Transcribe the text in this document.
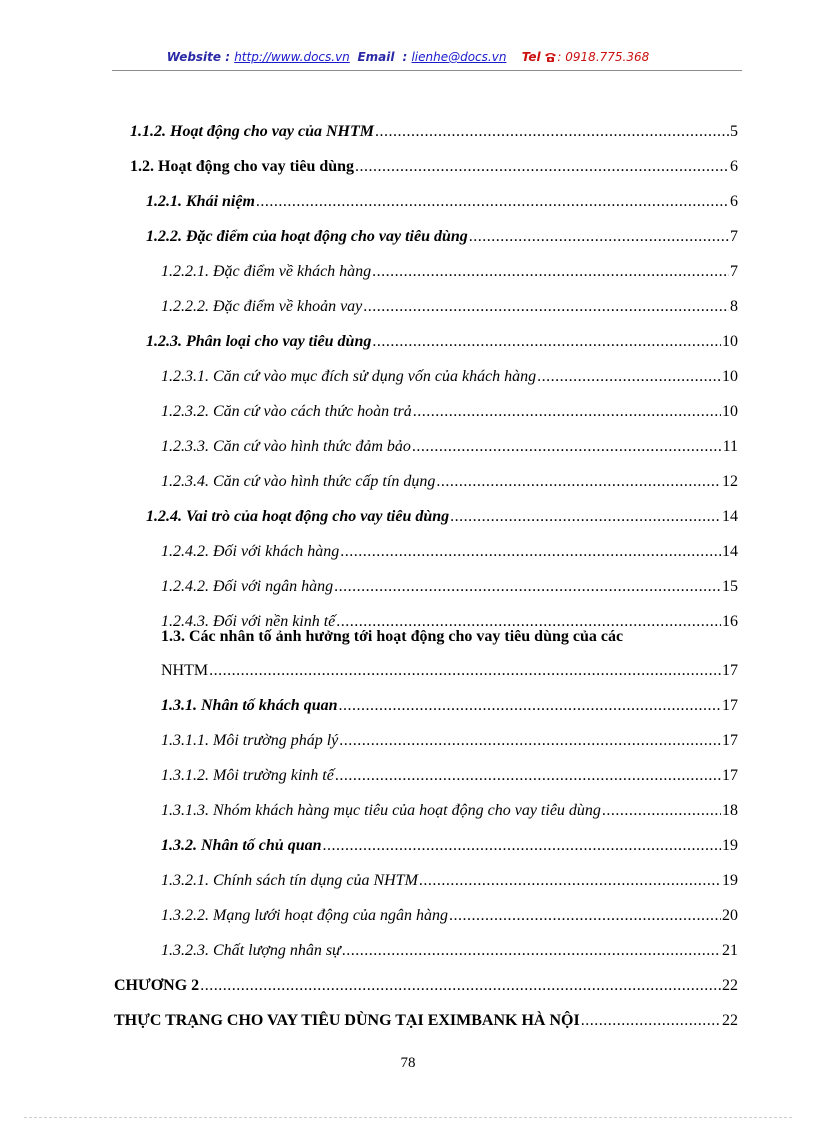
Website : http://www.docs.vn Email  : lienhe@docs.vn Tel : 0918.775.368
1.1.2. Hoạt động cho vay của NHTM .....	5
1.2. Hoạt động cho vay tiêu dùng .....	6
1.2.1. Khái niệm .....	6
1.2.2. Đặc điểm của hoạt động cho vay tiêu dùng .....	7
1.2.2.1. Đặc điểm về khách hàng .....	7
1.2.2.2. Đặc điểm về khoản vay .....	8
1.2.3. Phân loại cho vay tiêu dùng .....	10
1.2.3.1. Căn cứ vào mục đích sử dụng vốn của khách hàng .....	10
1.2.3.2. Căn cứ vào cách thức hoàn trả .....	10
1.2.3.3. Căn cứ vào hình thức đảm bảo .....	11
1.2.3.4. Căn cứ vào hình thức cấp tín dụng .....	12
1.2.4. Vai trò của hoạt động cho vay tiêu dùng .....	14
1.2.4.2. Đối với khách hàng .....	14
1.2.4.2. Đối với ngân hàng .....	15
1.2.4.3. Đối với nền kinh tế .....	16
1.3. Các nhân tố ảnh hưởng tới hoạt động cho vay tiêu dùng của các
NHTM .....	17
1.3.1. Nhân tố khách quan .....	17
1.3.1.1. Môi trường pháp lý .....	17
1.3.1.2. Môi trường kinh tế .....	17
1.3.1.3. Nhóm khách hàng mục tiêu của hoạt động cho vay tiêu dùng .....	18
1.3.2. Nhân tố chủ quan .....	19
1.3.2.1. Chính sách tín dụng của NHTM .....	19
1.3.2.2. Mạng lưới hoạt động của ngân hàng .....	20
1.3.2.3. Chất lượng nhân sự .....	21
CHƯƠNG 2 .....	22
THỰC TRẠNG CHO VAY TIÊU DÙNG TẠI EXIMBANK HÀ NỘI .....	22
78
